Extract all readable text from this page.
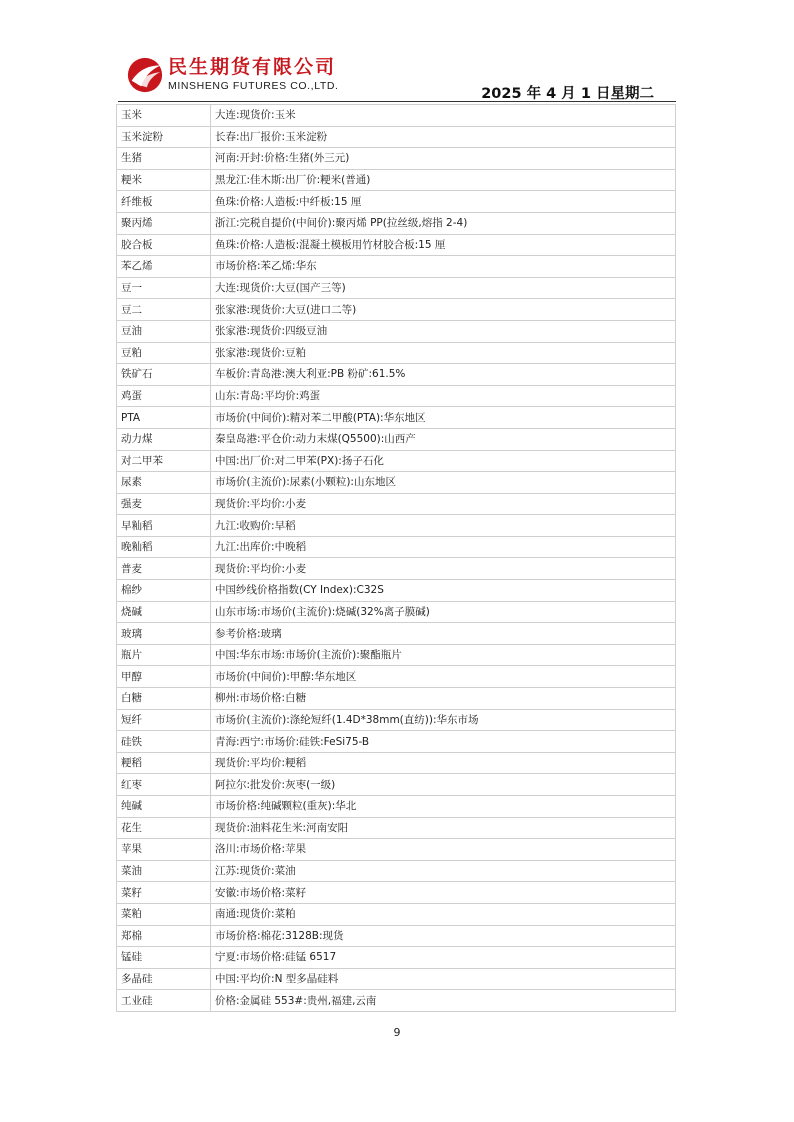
民生期货有限公司
MINSHENG FUTURES CO.,LTD.	2025 年 4 月 1 日星期二
玉米	大连:现货价:玉米
玉米淀粉	长春:出厂报价:玉米淀粉
生猪	河南:开封:价格:生猪(外三元)
粳米	黑龙江:佳木斯:出厂价:粳米(普通)
纤维板	鱼珠:价格:人造板:中纤板:15 厘
聚丙烯	浙江:完税自提价(中间价):聚丙烯 PP(拉丝级,熔指 2-4)
胶合板	鱼珠:价格:人造板:混凝土模板用竹材胶合板:15 厘
苯乙烯	市场价格:苯乙烯:华东
豆一	大连:现货价:大豆(国产三等)
豆二	张家港:现货价:大豆(进口二等)
豆油	张家港:现货价:四级豆油
豆粕	张家港:现货价:豆粕
铁矿石	车板价:青岛港:澳大利亚:PB 粉矿:61.5%
鸡蛋	山东:青岛:平均价:鸡蛋
PTA	市场价(中间价):精对苯二甲酸(PTA):华东地区
动力煤	秦皇岛港:平仓价:动力末煤(Q5500):山西产
对二甲苯	中国:出厂价:对二甲苯(PX):扬子石化
尿素	市场价(主流价):尿素(小颗粒):山东地区
强麦	现货价:平均价:小麦
早籼稻	九江:收购价:早稻
晚籼稻	九江:出库价:中晚稻
普麦	现货价:平均价:小麦
棉纱	中国纱线价格指数(CY Index):C32S
烧碱	山东市场:市场价(主流价):烧碱(32%离子膜碱)
玻璃	参考价格:玻璃
瓶片	中国:华东市场:市场价(主流价):聚酯瓶片
甲醇	市场价(中间价):甲醇:华东地区
白糖	柳州:市场价格:白糖
短纤	市场价(主流价):涤纶短纤(1.4D*38mm(直纺)):华东市场
硅铁	青海:西宁:市场价:硅铁:FeSi75-B
粳稻	现货价:平均价:粳稻
红枣	阿拉尔:批发价:灰枣(一级)
纯碱	市场价格:纯碱颗粒(重灰):华北
花生	现货价:油料花生米:河南安阳
苹果	洛川:市场价格:苹果
菜油	江苏:现货价:菜油
菜籽	安徽:市场价格:菜籽
菜粕	南通:现货价:菜粕
郑棉	市场价格:棉花:3128B:现货
锰硅	宁夏:市场价格:硅锰 6517
多晶硅	中国:平均价:N 型多晶硅料
工业硅	价格:金属硅 553#:贵州,福建,云南
9
